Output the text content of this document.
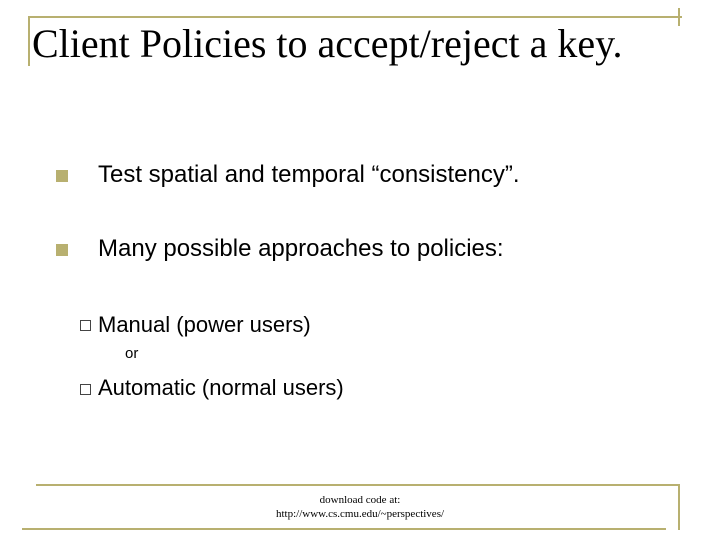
Client Policies to accept/reject a key.
Test spatial and temporal “consistency”.
Many possible approaches to policies:
Manual (power users)
or
Automatic (normal users)
download code at:
http://www.cs.cmu.edu/~perspectives/
